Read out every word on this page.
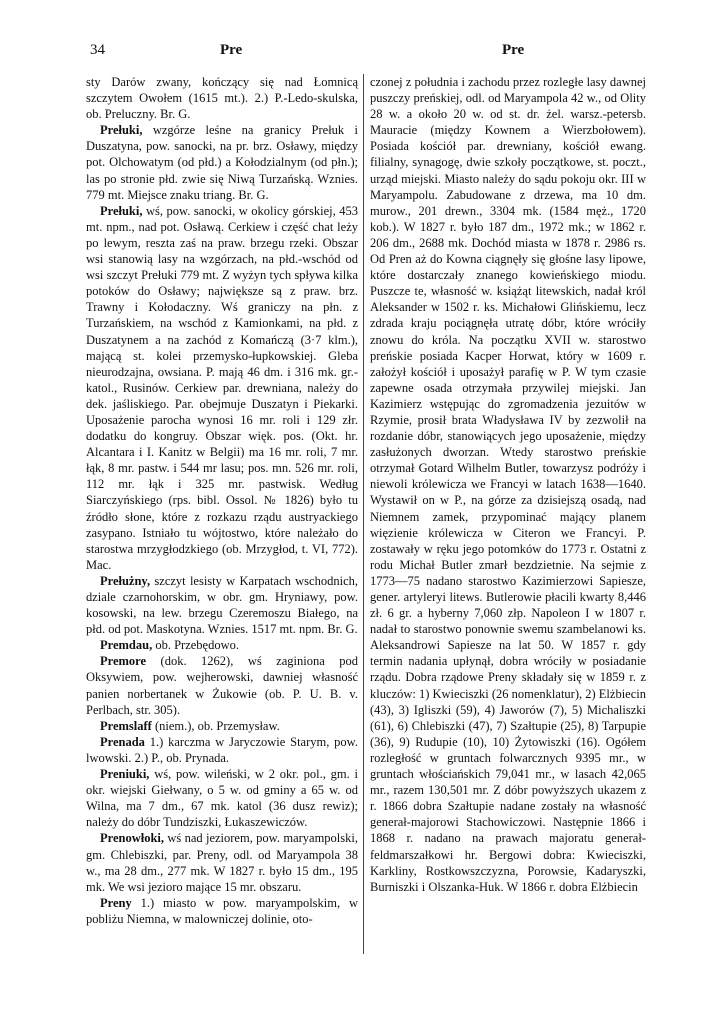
34	Pre	Pre

sty Darów zwany, kończący się nad Łomnicą szczytem Owołem (1615 mt.). 2.) P.-Ledo-skulska, ob. Preluczny. Br. G.

Prełuki, wzgórze leśne na granicy Prełuk i Duszatyna, pow. sanocki, na pr. brz. Osławy, między pot. Olchowatym (od płd.) a Kołodzialnym (od płn.); las po stronie płd. zwie się Niwą Turzańską. Wznies. 779 mt. Miejsce znaku triang. Br. G.

Prełuki, wś, pow. sanocki, w okolicy górskiej, 453 mt. npm., nad pot. Osławą. Cerkiew i część chat leży po lewym, reszta zaś na praw. brzegu rzeki. Obszar wsi stanowią lasy na wzgórzach, na płd.-wschód od wsi szczyt Prełuki 779 mt. Z wyżyn tych spływa kilka potoków do Osławy; największe są z praw. brz. Trawny i Kołodaczny. Wś graniczy na płn. z Turzańskiem, na wschód z Kamionkami, na płd. z Duszatynem a na zachód z Komańczą (3·7 klm.), mającą st. kolei przemysko-łupkowskiej. Gleba nieurodzajna, owsiana. P. mają 46 dm. i 316 mk. gr.-katol., Rusinów. Cerkiew par. drewniana, należy do dek. jaśliskiego. Par. obejmuje Duszatyn i Piekarki. Uposażenie parocha wynosi 16 mr. roli i 129 złr. dodatku do kongruy. Obszar więk. pos. (Okt. hr. Alcantara i I. Kanitz w Belgii) ma 16 mr. roli, 7 mr. łąk, 8 mr. pastw. i 544 mr lasu; pos. mn. 526 mr. roli, 112 mr. łąk i 325 mr. pastwisk. Według Siarczyńskiego (rps. bibl. Ossol. № 1826) było tu źródło słone, które z rozkazu rządu austryackiego zasypano. Istniało tu wójtostwo, które należało do starostwa mrzygłodzkiego (ob. Mrzygłod, t. VI, 772). Mac.

Prełużny, szczyt lesisty w Karpatach wschodnich, dziale czarnohorskim, w obr. gm. Hryniawy, pow. kosowski, na lew. brzegu Czeremoszu Białego, na płd. od pot. Maskotyna. Wznies. 1517 mt. npm. Br. G.

Premdau, ob. Przebędowo.

Premore (dok. 1262), wś zaginiona pod Oksywiem, pow. wejherowski, dawniej własność panien norbertanek w Żukowie (ob. P. U. B. v. Perlbach, str. 305).

Premslaff (niem.), ob. Przemysław.

Prenada 1.) karczma w Jaryczowie Starym, pow. lwowski. 2.) P., ob. Prynada.

Preniuki, wś, pow. wileński, w 2 okr. pol., gm. i okr. wiejski Giełwany, o 5 w. od gminy a 65 w. od Wilna, ma 7 dm., 67 mk. katol (36 dusz rewiz); należy do dóbr Tundziszki, Łukaszewiczów.

Prenowłoki, wś nad jeziorem, pow. maryampolski, gm. Chlebiszki, par. Preny, odl. od Maryampola 38 w., ma 28 dm., 277 mk. W 1827 r. było 15 dm., 195 mk. We wsi jezioro mające 15 mr. obszaru.

Preny 1.) miasto w pow. maryampolskim, w pobliżu Niemna, w malowniczej dolinie, oto-

czonej z południa i zachodu przez rozległe lasy dawnej puszczy preńskiej, odl. od Maryampola 42 w., od Olity 28 w. a około 20 w. od st. dr. żel. warsz.-petersb. Mauracie (między Kownem a Wierzbołowem). Posiada kościół par. drewniany, kościół ewang. filialny, synagogę, dwie szkoły początkowe, st. poczt., urząd miejski. Miasto należy do sądu pokoju okr. III w Maryampolu. Zabudowane z drzewa, ma 10 dm. murow., 201 drewn., 3304 mk. (1584 męż., 1720 kob.). W 1827 r. było 187 dm., 1972 mk.; w 1862 r. 206 dm., 2688 mk. Dochód miasta w 1878 r. 2986 rs. Od Pren aż do Kowna ciągnęły się głośne lasy lipowe, które dostarczały znanego kowieńskiego miodu. Puszcze te, własność w. książąt litewskich, nadał król Aleksander w 1502 r. ks. Michałowi Glińskiemu, lecz zdrada kraju pociągnęła utratę dóbr, które wróciły znowu do króla. Na początku XVII w. starostwo preńskie posiada Kacper Horwat, który w 1609 r. założył kościół i uposażył parafię w P. W tym czasie zapewne osada otrzymała przywilej miejski. Jan Kazimierz wstępując do zgromadzenia jezuitów w Rzymie, prosił brata Władysława IV by zezwolił na rozdanie dóbr, stanowiących jego uposażenie, między zasłużonych dworzan. Wtedy starostwo preńskie otrzymał Gotard Wilhelm Butler, towarzysz podróży i niewoli królewicza we Francyi w latach 1638—1640. Wystawił on w P., na górze za dzisiejszą osadą, nad Niemnem zamek, przypominać mający planem więzienie królewicza w Citeron we Francyi. P. zostawały w ręku jego potomków do 1773 r. Ostatni z rodu Michał Butler zmarł bezdzietnie. Na sejmie z 1773—75 nadano starostwo Kazimierzowi Sapiesze, gener. artyleryi litews. Butlerowie płacili kwarty 8,446 zł. 6 gr. a hyberny 7,060 złp. Napoleon I w 1807 r. nadał to starostwo ponownie swemu szambelanowi ks. Aleksandrowi Sapiesze na lat 50. W 1857 r. gdy termin nadania upłynął, dobra wróciły w posiadanie rządu. Dobra rządowe Preny składały się w 1859 r. z kluczów: 1) Kwieciszki (26 nomenklatur), 2) Elżbiecin (43), 3) Igliszki (59), 4) Jaworów (7), 5) Michaliszki (61), 6) Chlebiszki (47), 7) Szałtupie (25), 8) Tarpupie (36), 9) Rudupie (10), 10) Żytowiszki (16). Ogółem rozległość w gruntach folwarcznych 9395 mr., w gruntach włościańskich 79,041 mr., w lasach 42,065 mr., razem 130,501 mr. Z dóbr powyższych ukazem z r. 1866 dobra Szałtupie nadane zostały na własność generał-majorowi Stachowiczowi. Następnie 1866 i 1868 r. nadano na prawach majoratu generał-feldmarszałkowi hr. Bergowi dobra: Kwieciszki, Karkliny, Rostkowszczyzna, Porowsie, Kadaryszki, Burniszki i Olszanka-Huk. W 1866 r. dobra Elżbiecin
